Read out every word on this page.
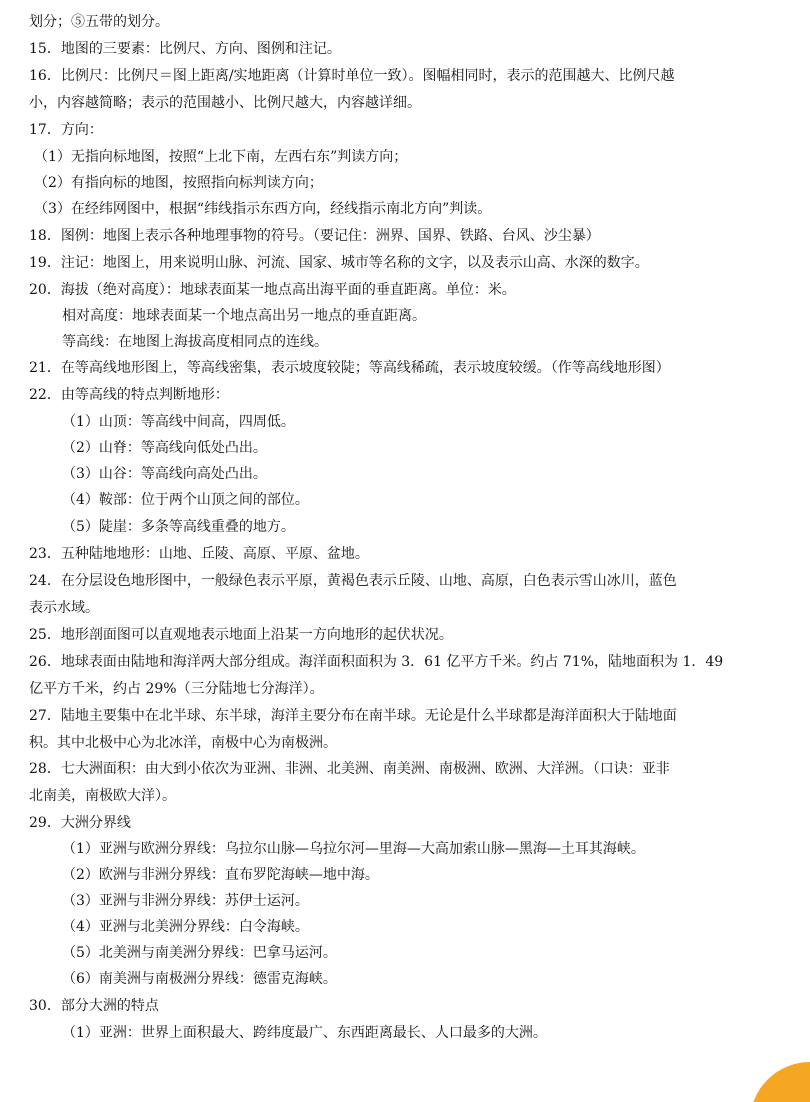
划分；⑤五带的划分。
15．地图的三要素：比例尺、方向、图例和注记。
16．比例尺：比例尺＝图上距离/实地距离（计算时单位一致）。图幅相同时，表示的范围越大、比例尺越
小，内容越简略；表示的范围越小、比例尺越大，内容越详细。
17．方向：
（1）无指向标地图，按照“上北下南，左西右东”判读方向；
（2）有指向标的地图，按照指向标判读方向；
（3）在经纬网图中，根据“纬线指示东西方向，经线指示南北方向”判读。
18．图例：地图上表示各种地理事物的符号。（要记住：洲界、国界、铁路、台风、沙尘暴）
19．注记：地图上，用来说明山脉、河流、国家、城市等名称的文字，以及表示山高、水深的数字。
20．海拔（绝对高度）：地球表面某一地点高出海平面的垂直距离。单位：米。
相对高度：地球表面某一个地点高出另一地点的垂直距离。
等高线：在地图上海拔高度相同点的连线。
21．在等高线地形图上，等高线密集，表示坡度较陡；等高线稀疏，表示坡度较缓。（作等高线地形图）
22．由等高线的特点判断地形：
（1）山顶：等高线中间高，四周低。
（2）山脊：等高线向低处凸出。
（3）山谷：等高线向高处凸出。
（4）鞍部：位于两个山顶之间的部位。
（5）陡崖：多条等高线重叠的地方。
23．五种陆地地形：山地、丘陵、高原、平原、盆地。
24．在分层设色地形图中，一般绿色表示平原，黄褐色表示丘陵、山地、高原，白色表示雪山冰川，蓝色
表示水域。
25．地形剖面图可以直观地表示地面上沿某一方向地形的起伏状况。
26．地球表面由陆地和海洋两大部分组成。海洋面积面积为 3．61 亿平方千米。约占 71%，陆地面积为 1．49
亿平方千米，约占 29%（三分陆地七分海洋）。
27．陆地主要集中在北半球、东半球，海洋主要分布在南半球。无论是什么半球都是海洋面积大于陆地面
积。其中北极中心为北冰洋，南极中心为南极洲。
28．七大洲面积：由大到小依次为亚洲、非洲、北美洲、南美洲、南极洲、欧洲、大洋洲。（口诀：亚非
北南美，南极欧大洋）。
29．大洲分界线
（1）亚洲与欧洲分界线：乌拉尔山脉—乌拉尔河—里海—大高加索山脉—黑海—土耳其海峡。
（2）欧洲与非洲分界线：直布罗陀海峡—地中海。
（3）亚洲与非洲分界线：苏伊士运河。
（4）亚洲与北美洲分界线：白令海峡。
（5）北美洲与南美洲分界线：巴拿马运河。
（6）南美洲与南极洲分界线：德雷克海峡。
30．部分大洲的特点
（1）亚洲：世界上面积最大、跨纬度最广、东西距离最长、人口最多的大洲。
